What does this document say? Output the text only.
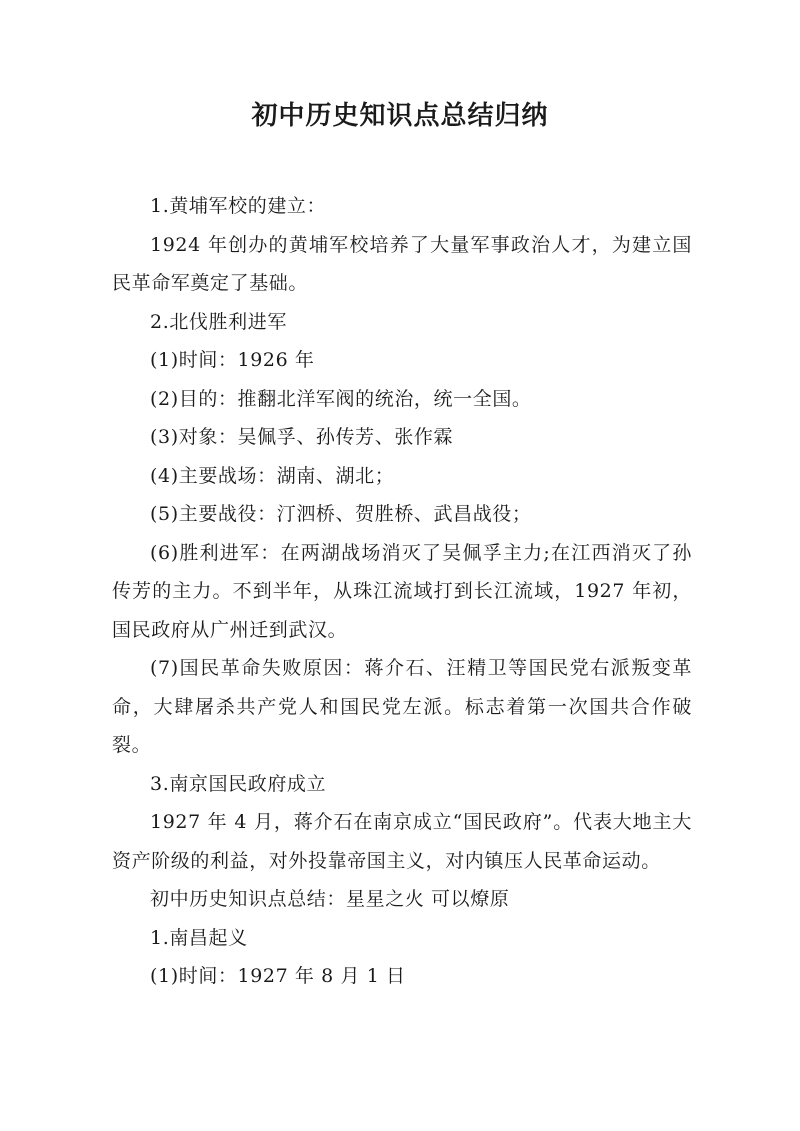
初中历史知识点总结归纳

1.黄埔军校的建立：

1924 年创办的黄埔军校培养了大量军事政治人才，为建立国民革命军奠定了基础。

2.北伐胜利进军

(1)时间：1926 年

(2)目的：推翻北洋军阀的统治，统一全国。

(3)对象：吴佩孚、孙传芳、张作霖

(4)主要战场：湖南、湖北；

(5)主要战役：汀泗桥、贺胜桥、武昌战役；

(6)胜利进军：在两湖战场消灭了吴佩孚主力;在江西消灭了孙传芳的主力。不到半年，从珠江流域打到长江流域，1927 年初，国民政府从广州迁到武汉。

(7)国民革命失败原因：蒋介石、汪精卫等国民党右派叛变革命，大肆屠杀共产党人和国民党左派。标志着第一次国共合作破裂。

3.南京国民政府成立

1927 年 4 月，蒋介石在南京成立“国民政府”。代表大地主大资产阶级的利益，对外投靠帝国主义，对内镇压人民革命运动。

初中历史知识点总结：星星之火 可以燎原

1.南昌起义

(1)时间：1927 年 8 月 1 日
